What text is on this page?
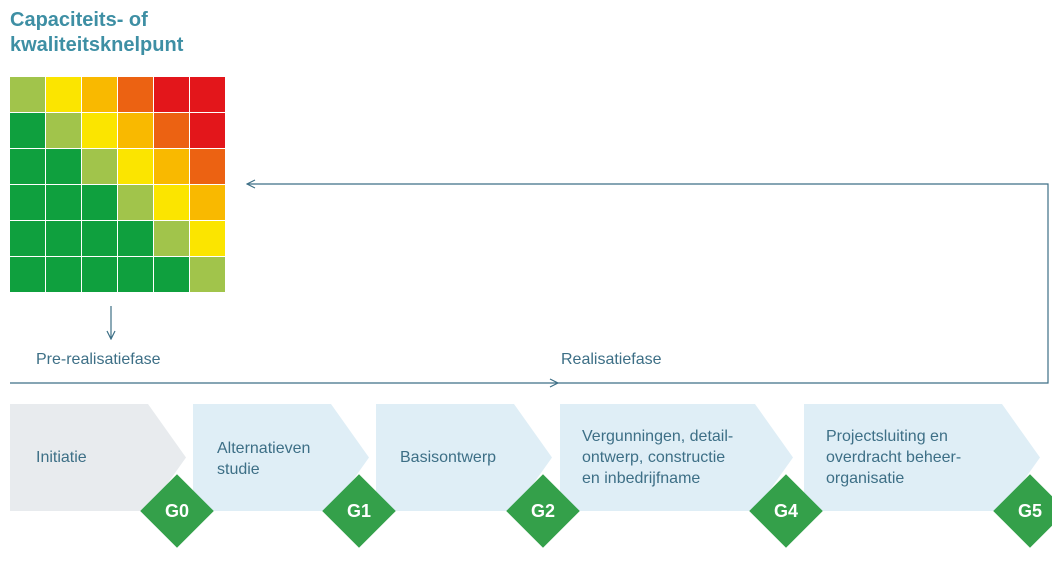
Capaciteits- of
kwaliteitsknelpunt
Pre-realisatiefase	Realisatiefase
Initiatie
Alternatieven
studie
Basisontwerp
Vergunningen, detail-
ontwerp, constructie
en inbedrijfname
Projectsluiting en
overdracht beheer-
organisatie
G0	G1	G2	G4	G5
